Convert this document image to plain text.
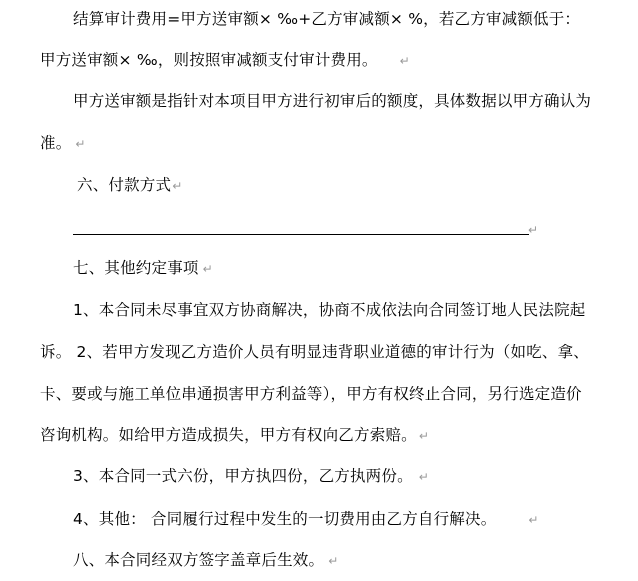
结算审计费用=甲方送审额× ‰+乙方审减额× %，若乙方审减额低于：
甲方送审额× ‰，则按照审减额支付审计费用。 ↵
甲方送审额是指针对本项目甲方进行初审后的额度，具体数据以甲方确认为
准。 ↵
六、付款方式↵
↵
七、其他约定事项 ↵
1、本合同未尽事宜双方协商解决，协商不成依法向合同签订地人民法院起
诉。 2、若甲方发现乙方造价人员有明显违背职业道德的审计行为（如吃、拿、
卡、要或与施工单位串通损害甲方利益等），甲方有权终止合同，另行选定造价
咨询机构。如给甲方造成损失，甲方有权向乙方索赔。 ↵
3、本合同一式六份，甲方执四份，乙方执两份。 ↵
4、其他： 合同履行过程中发生的一切费用由乙方自行解决。	↵
八、本合同经双方签字盖章后生效。 ↵
